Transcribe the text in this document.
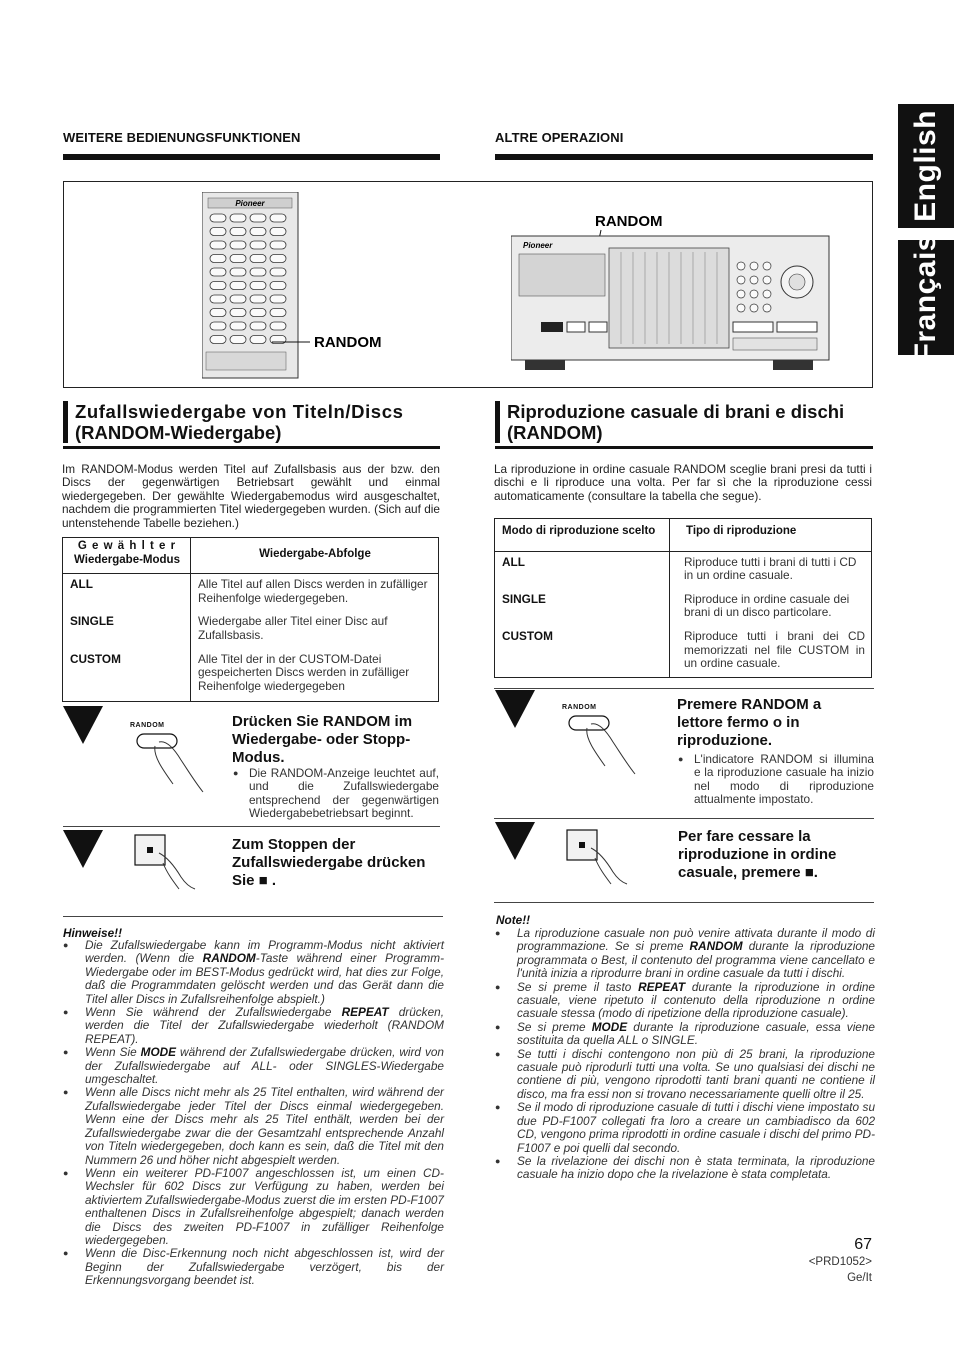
WEITERE BEDIENUNGSFUNKTIONEN	ALTRE OPERAZIONI	English
Français
Pioneer
RANDOM
RANDOM
Pioneer
Zufallswiedergabe von Titeln/Discs
(RANDOM-Wiedergabe)
Im RANDOM-Modus werden Titel auf Zufallsbasis aus der bzw. den Discs der gegenwärtigen Betriebsart gewählt und einmal wiedergegeben. Der gewählte Wiedergabemodus wird ausgeschaltet, nachdem die programmierten Titel wiedergegeben wurden. (Sich auf die untenstehende Tabelle beziehen.)
G e w ä h l t e r
Wiedergabe-Modus	Wiedergabe-Abfolge
ALL	Alle Titel auf allen Discs werden in zufälliger Reihenfolge wiedergegeben.
SINGLE	Wiedergabe aller Titel einer Disc auf Zufallsbasis.
CUSTOM	Alle Titel der in der CUSTOM-Datei gespeicherten Discs werden in zufälliger Reihenfolge wiedergegeben
RANDOM	Drücken Sie RANDOM im Wiedergabe- oder Stopp-Modus.
● Die RANDOM-Anzeige leuchtet auf, und die Zufallswiedergabe entsprechend der gegenwärtigen Wiedergabebetriebsart beginnt.
Zum Stoppen der Zufallswiedergabe drücken Sie ■ .
Hinweise!!
● Die Zufallswiedergabe kann im Programm-Modus nicht aktiviert werden. (Wenn die RANDOM-Taste während einer Programm-Wiedergabe oder im BEST-Modus gedrückt wird, hat dies zur Folge, daß die Programmdaten gelöscht werden und das Gerät dann die Titel aller Discs in Zufallsreihenfolge abspielt.)
● Wenn Sie während der Zufallswiedergabe REPEAT drücken, werden die Titel der Zufallswiedergabe wiederholt (RANDOM REPEAT).
● Wenn Sie MODE während der Zufallswiedergabe drücken, wird von der Zufallswiedergabe auf ALL- oder SINGLES-Wiedergabe umgeschaltet.
● Wenn alle Discs nicht mehr als 25 Titel enthalten, wird während der Zufallswiedergabe jeder Titel der Discs einmal wiedergegeben. Wenn eine der Discs mehr als 25 Titel enthält, werden bei der Zufallswiedergabe zwar die der Gesamtzahl entsprechende Anzahl von Titeln wiedergegeben, doch kann es sein, daß die Titel mit den Nummern 26 und höher nicht abgespielt werden.
● Wenn ein weiterer PD-F1007 angeschlossen ist, um einen CD-Wechsler für 602 Discs zur Verfügung zu haben, werden bei aktiviertem Zufallswiedergabe-Modus zuerst die im ersten PD-F1007 enthaltenen Discs in Zufallsreihenfolge abgespielt; danach werden die Discs des zweiten PD-F1007 in zufälliger Reihenfolge wiedergegeben.
● Wenn die Disc-Erkennung noch nicht abgeschlossen ist, wird der Beginn der Zufallswiedergabe verzögert, bis der Erkennungsvorgang beendet ist.
Riproduzione casuale di brani e dischi
(RANDOM)
La riproduzione in ordine casuale RANDOM sceglie brani presi da tutti i dischi e li riproduce una volta. Per far sì che la riproduzione cessi automaticamente (consultare la tabella che segue).
Modo di riproduzione scelto	Tipo di riproduzione
ALL	Riproduce tutti i brani di tutti i CD in un ordine casuale.
SINGLE	Riproduce in ordine casuale dei brani di un disco particolare.
CUSTOM	Riproduce tutti i brani dei CD memorizzati nel file CUSTOM in un ordine casuale.
RANDOM	Premere RANDOM a lettore fermo o in riproduzione.
● L'indicatore RANDOM si illumina e la riproduzione casuale ha inizio nel modo di riproduzione attualmente impostato.
Per fare cessare la riproduzione in ordine casuale, premere ■.
Note!!
● La riproduzione casuale non può venire attivata durante il modo di programmazione. Se si preme RANDOM durante la riproduzione programmata o Best, il contenuto del programma viene cancellato e l'unità inizia a riprodurre brani in ordine casuale da tutti i dischi.
● Se si preme il tasto REPEAT durante la riproduzione in ordine casuale, viene ripetuto il contenuto della riproduzione n ordine casuale stessa (modo di ripetizione della riproduzione casuale).
● Se si preme MODE durante la riproduzione casuale, essa viene sostituita da quella ALL o SINGLE.
● Se tutti i dischi contengono non più di 25 brani, la riproduzione casuale può riprodurli tutti una volta. Se uno qualsiasi dei dischi ne contiene di più, vengono riprodotti tanti brani quanti ne contiene il disco, ma fra essi non si trovano necessariamente quelli oltre il 25.
● Se il modo di riproduzione casuale di tutti i dischi viene impostato su due PD-F1007 collegati fra loro a creare un cambiadisco da 602 CD, vengono prima riprodotti in ordine casuale i dischi del primo PD-F1007 e poi quelli dal secondo.
● Se la rivelazione dei dischi non è stata terminata, la riproduzione casuale ha inizio dopo che la rivelazione è stata completata.
67
<PRD1052>
Ge/It
